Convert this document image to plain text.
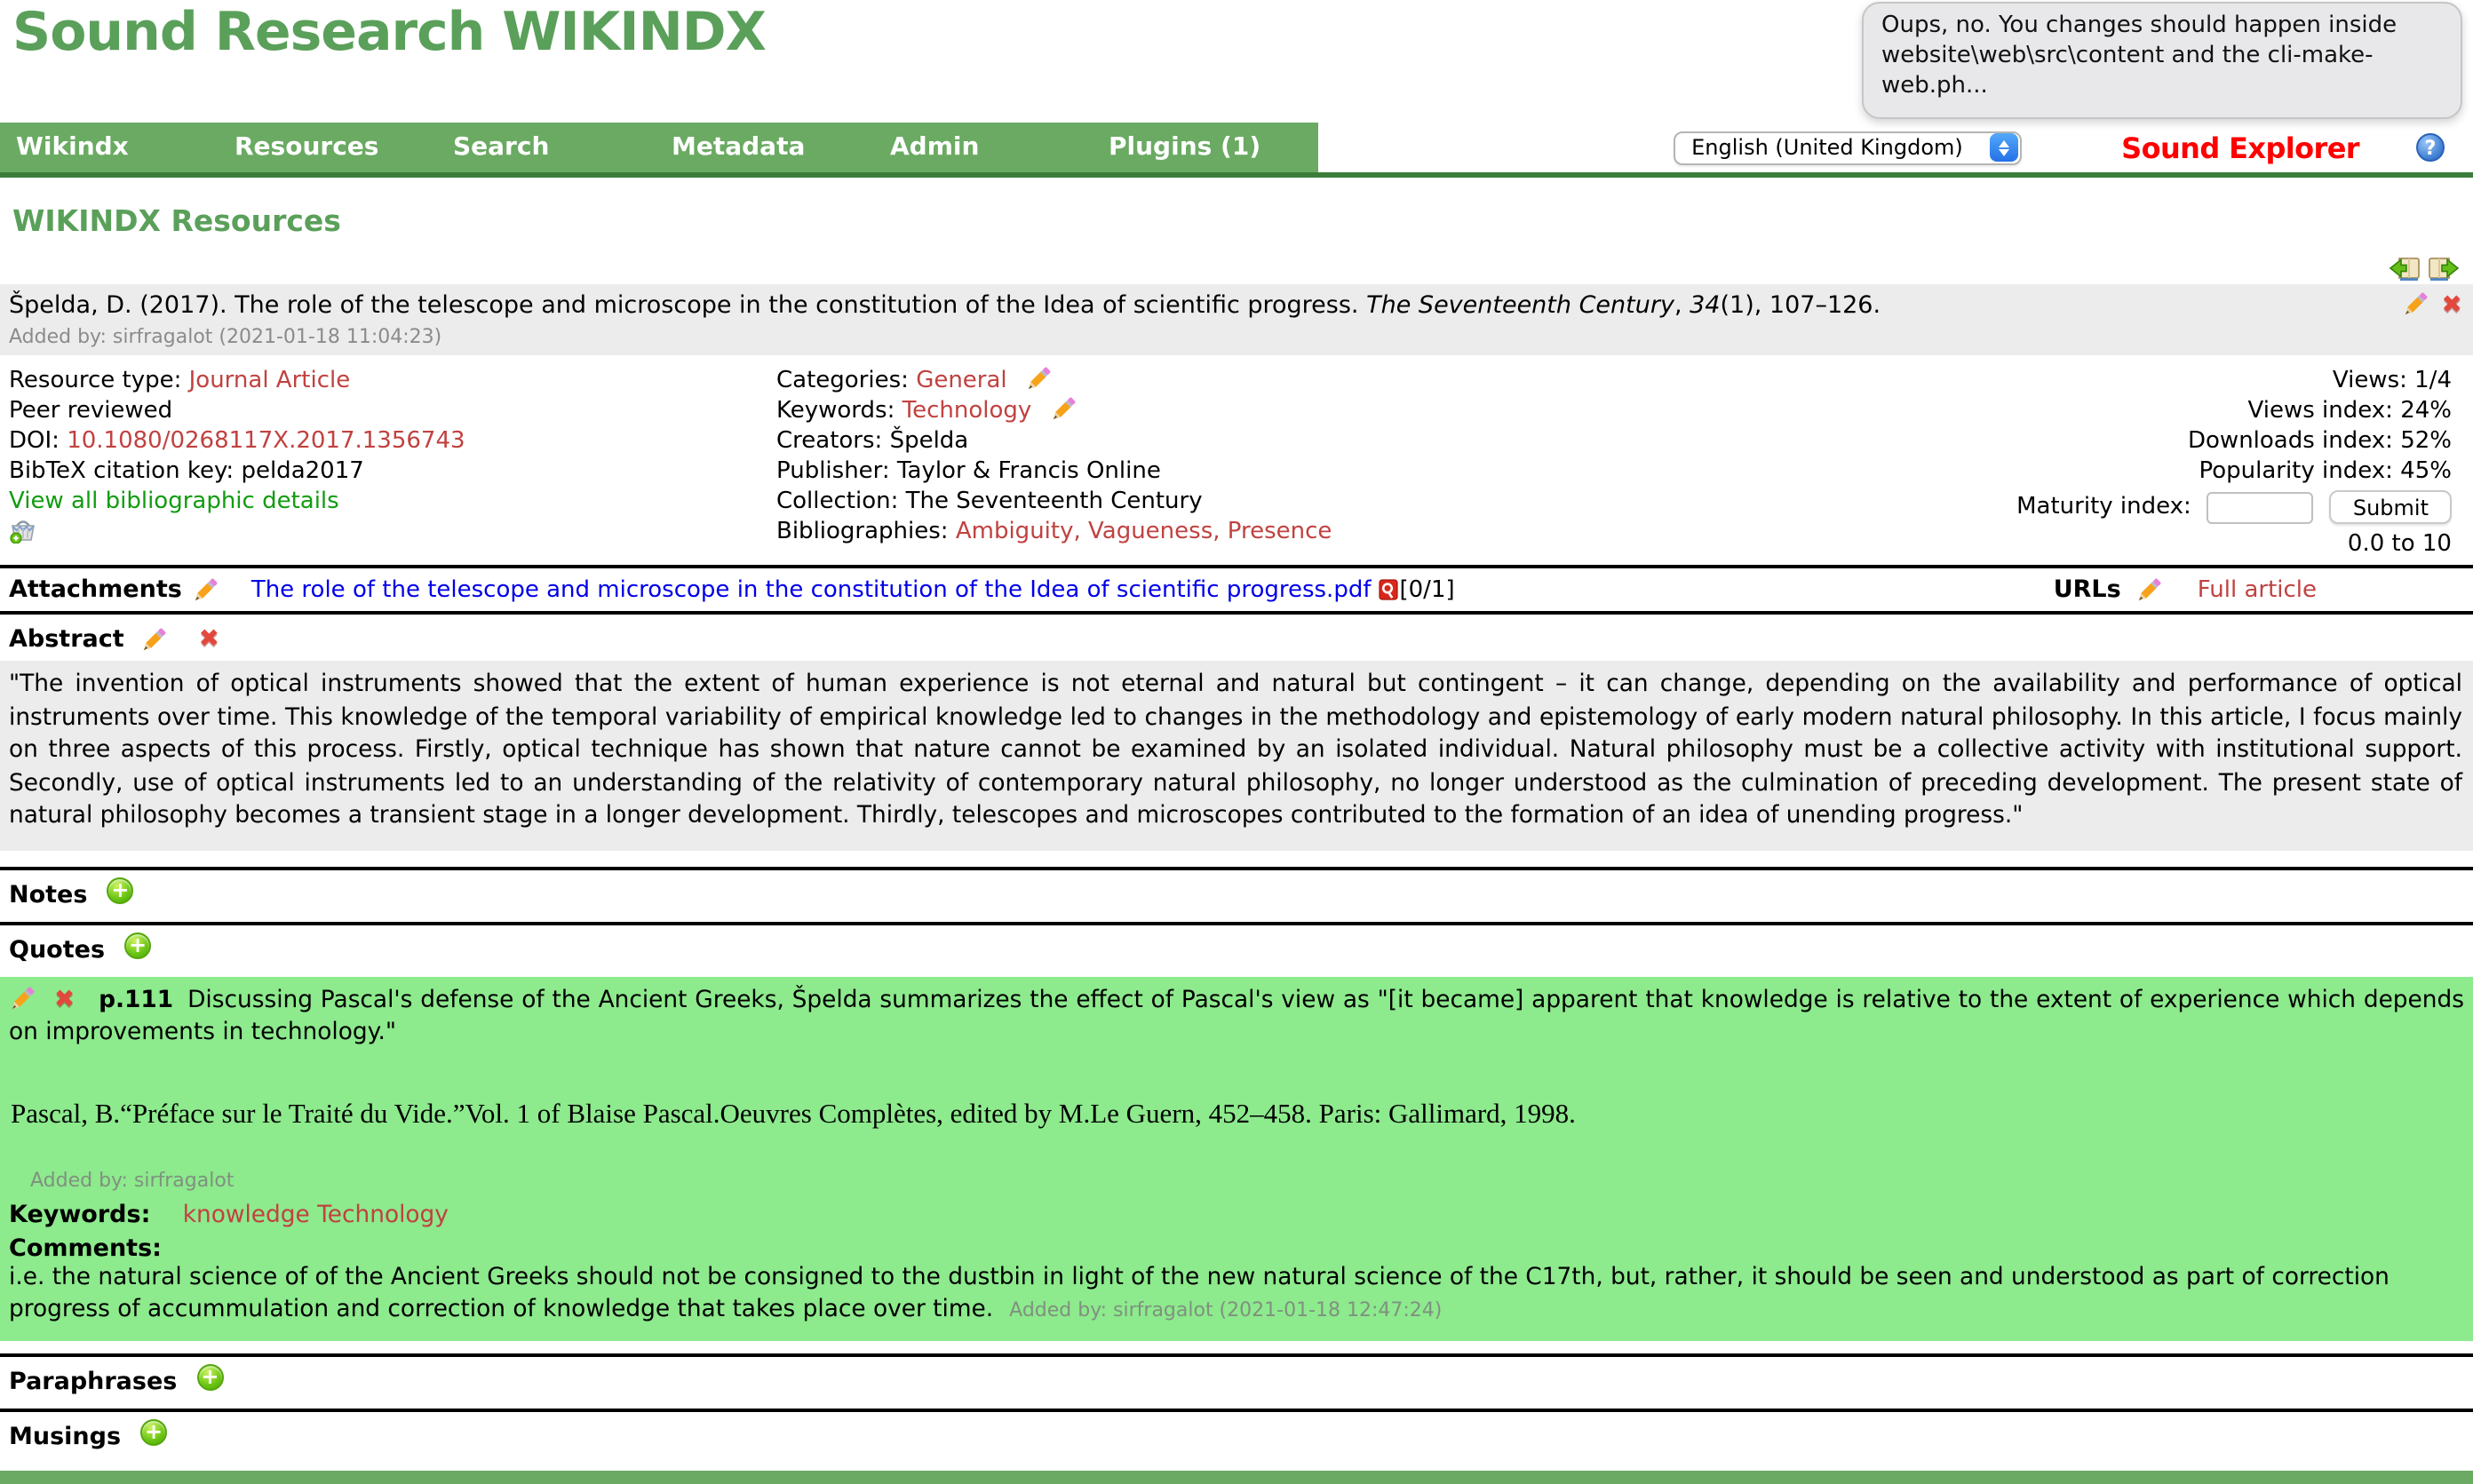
Sound Research WIKINDX	Oups, no. You changes should happen inside website\web\src\content and the cli-make-web.ph...
Wikindx	Resources	Search	Metadata	Admin	Plugins (1)	English (United Kingdom)	Sound Explorer	?
WIKINDX Resources
Špelda, D. (2017). The role of the telescope and microscope in the constitution of the Idea of scientific progress. The Seventeenth Century, 34(1), 107–126.
Added by: sirfragalot (2021-01-18 11:04:23)
✖
Resource type: Journal Article
Peer reviewed
DOI: 10.1080/0268117X.2017.1356743
BibTeX citation key: pelda2017
View all bibliographic details
Categories: General
Keywords: Technology
Creators: Špelda
Publisher: Taylor & Francis Online
Collection: The Seventeenth Century
Bibliographies: Ambiguity, Vagueness, Presence
Views: 1/4
Views index: 24%
Downloads index: 52%
Popularity index: 45%
Maturity index:	Submit
0.0 to 10
Attachments	The role of the telescope and microscope in the constitution of the Idea of scientific progress.pdf [0/1]	URLs	Full article
Abstract
✖
"The invention of optical instruments showed that the extent of human experience is not eternal and natural but contingent – it can change, depending on the availability and performance of optical instruments over time. This knowledge of the temporal variability of empirical knowledge led to changes in the methodology and epistemology of early modern natural philosophy. In this article, I focus mainly on three aspects of this process. Firstly, optical technique has shown that nature cannot be examined by an isolated individual. Natural philosophy must be a collective activity with institutional support. Secondly, use of optical instruments led to an understanding of the relativity of contemporary natural philosophy, no longer understood as the culmination of preceding development. The present state of natural philosophy becomes a transient stage in a longer development. Thirdly, telescopes and microscopes contributed to the formation of an idea of unending progress."
Notes
+
Quotes
+
✖ p.111 Discussing Pascal's defense of the Ancient Greeks, Špelda summarizes the effect of Pascal's view as "[it became] apparent that knowledge is relative to the extent of experience which depends on improvements in technology."
Pascal, B.“Préface sur le Traité du Vide.”Vol. 1 of Blaise Pascal.Oeuvres Complètes, edited by M.Le Guern, 452–458. Paris: Gallimard, 1998.
Added by: sirfragalot
Keywords:	knowledge Technology
Comments:
i.e. the natural science of of the Ancient Greeks should not be consigned to the dustbin in light of the new natural science of the C17th, but, rather, it should be seen and understood as part of correction progress of accummulation and correction of knowledge that takes place over time. Added by: sirfragalot (2021-01-18 12:47:24)
Paraphrases
+
Musings
+
